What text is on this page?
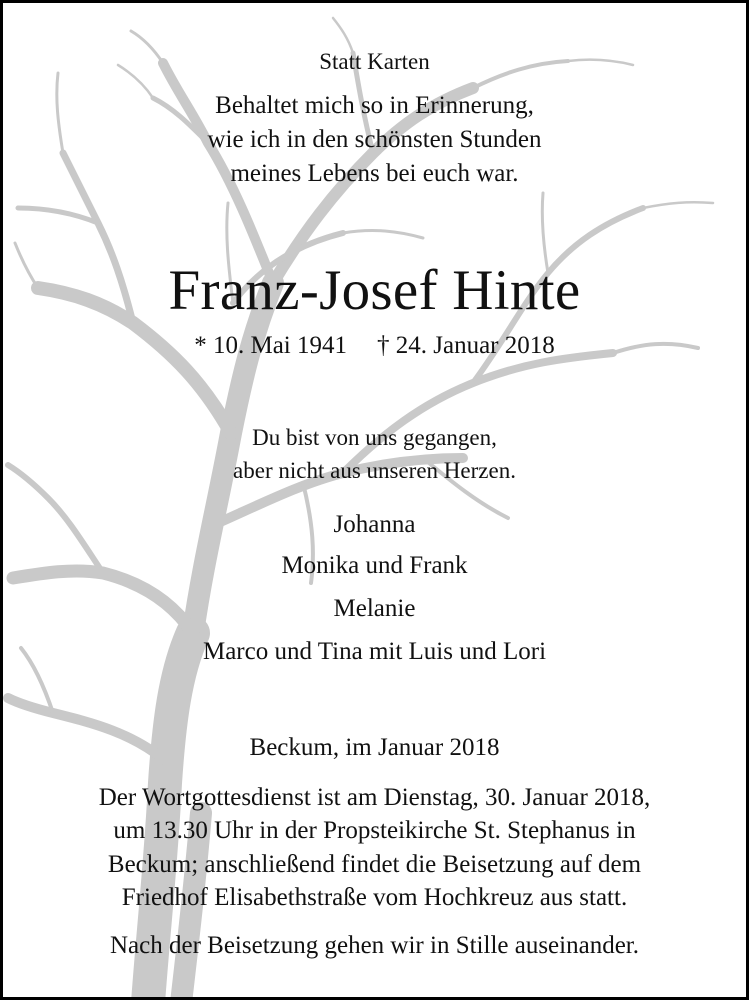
Statt Karten
Behaltet mich so in Erinnerung,
wie ich in den schönsten Stunden
meines Lebens bei euch war.
Franz-Josef Hinte
* 10. Mai 1941 † 24. Januar 2018
Du bist von uns gegangen,
aber nicht aus unseren Herzen.
Johanna
Monika und Frank
Melanie
Marco und Tina mit Luis und Lori
Beckum, im Januar 2018
Der Wortgottesdienst ist am Dienstag, 30. Januar 2018,
um 13.30 Uhr in der Propsteikirche St. Stephanus in
Beckum; anschließend findet die Beisetzung auf dem
Friedhof Elisabethstraße vom Hochkreuz aus statt.
Nach der Beisetzung gehen wir in Stille auseinander.
